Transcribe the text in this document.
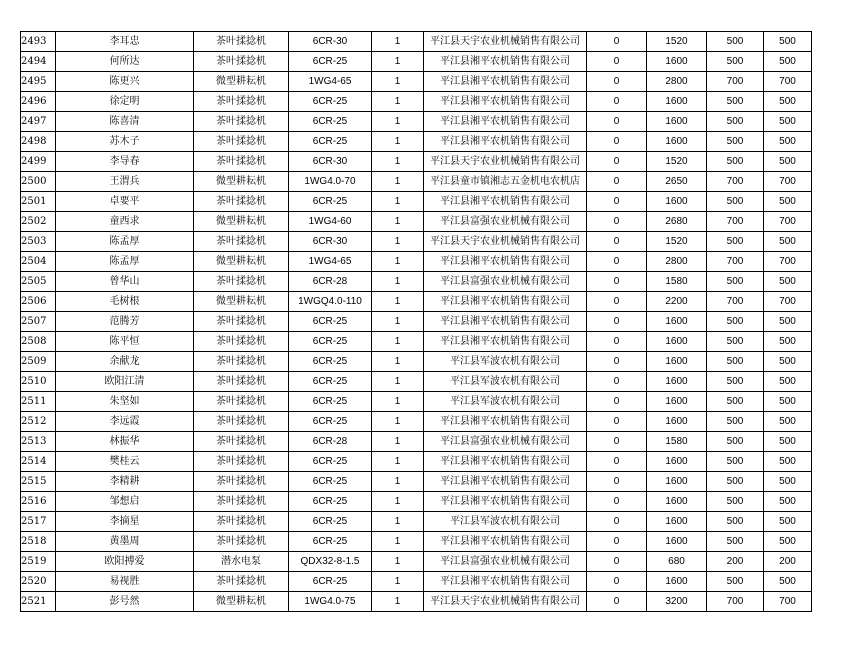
2493	李耳忠	茶叶揉捻机	6CR-30	1	平江县天宇农业机械销售有限公司	0	1520	500	500
2494	何所达	茶叶揉捻机	6CR-25	1	平江县湘平农机销售有限公司	0	1600	500	500
2495	陈更兴	微型耕耘机	1WG4-65	1	平江县湘平农机销售有限公司	0	2800	700	700
2496	徐定明	茶叶揉捻机	6CR-25	1	平江县湘平农机销售有限公司	0	1600	500	500
2497	陈喜清	茶叶揉捻机	6CR-25	1	平江县湘平农机销售有限公司	0	1600	500	500
2498	苏木子	茶叶揉捻机	6CR-25	1	平江县湘平农机销售有限公司	0	1600	500	500
2499	李导春	茶叶揉捻机	6CR-30	1	平江县天宇农业机械销售有限公司	0	1520	500	500
2500	王渭兵	微型耕耘机	1WG4.0-70	1	平江县童市镇湘志五金机电农机店	0	2650	700	700
2501	卓要平	茶叶揉捻机	6CR-25	1	平江县湘平农机销售有限公司	0	1600	500	500
2502	童西求	微型耕耘机	1WG4-60	1	平江县富强农业机械有限公司	0	2680	700	700
2503	陈孟厚	茶叶揉捻机	6CR-30	1	平江县天宇农业机械销售有限公司	0	1520	500	500
2504	陈孟厚	微型耕耘机	1WG4-65	1	平江县湘平农机销售有限公司	0	2800	700	700
2505	曾华山	茶叶揉捻机	6CR-28	1	平江县富强农业机械有限公司	0	1580	500	500
2506	毛树根	微型耕耘机	1WGQ4.0-110	1	平江县湘平农机销售有限公司	0	2200	700	700
2507	范腾芳	茶叶揉捻机	6CR-25	1	平江县湘平农机销售有限公司	0	1600	500	500
2508	陈平恒	茶叶揉捻机	6CR-25	1	平江县湘平农机销售有限公司	0	1600	500	500
2509	余献龙	茶叶揉捻机	6CR-25	1	平江县军波农机有限公司	0	1600	500	500
2510	欧阳江清	茶叶揉捻机	6CR-25	1	平江县军波农机有限公司	0	1600	500	500
2511	朱坚如	茶叶揉捻机	6CR-25	1	平江县军波农机有限公司	0	1600	500	500
2512	李远霞	茶叶揉捻机	6CR-25	1	平江县湘平农机销售有限公司	0	1600	500	500
2513	林振华	茶叶揉捻机	6CR-28	1	平江县富强农业机械有限公司	0	1580	500	500
2514	樊桂云	茶叶揉捻机	6CR-25	1	平江县湘平农机销售有限公司	0	1600	500	500
2515	李精耕	茶叶揉捻机	6CR-25	1	平江县湘平农机销售有限公司	0	1600	500	500
2516	邹想启	茶叶揉捻机	6CR-25	1	平江县湘平农机销售有限公司	0	1600	500	500
2517	李摘星	茶叶揉捻机	6CR-25	1	平江县军波农机有限公司	0	1600	500	500
2518	黄墨周	茶叶揉捻机	6CR-25	1	平江县湘平农机销售有限公司	0	1600	500	500
2519	欧阳搏爱	潜水电泵	QDX32-8-1.5	1	平江县富强农业机械有限公司	0	680	200	200
2520	易视胜	茶叶揉捻机	6CR-25	1	平江县湘平农机销售有限公司	0	1600	500	500
2521	彭号然	微型耕耘机	1WG4.0-75	1	平江县天宇农业机械销售有限公司	0	3200	700	700
